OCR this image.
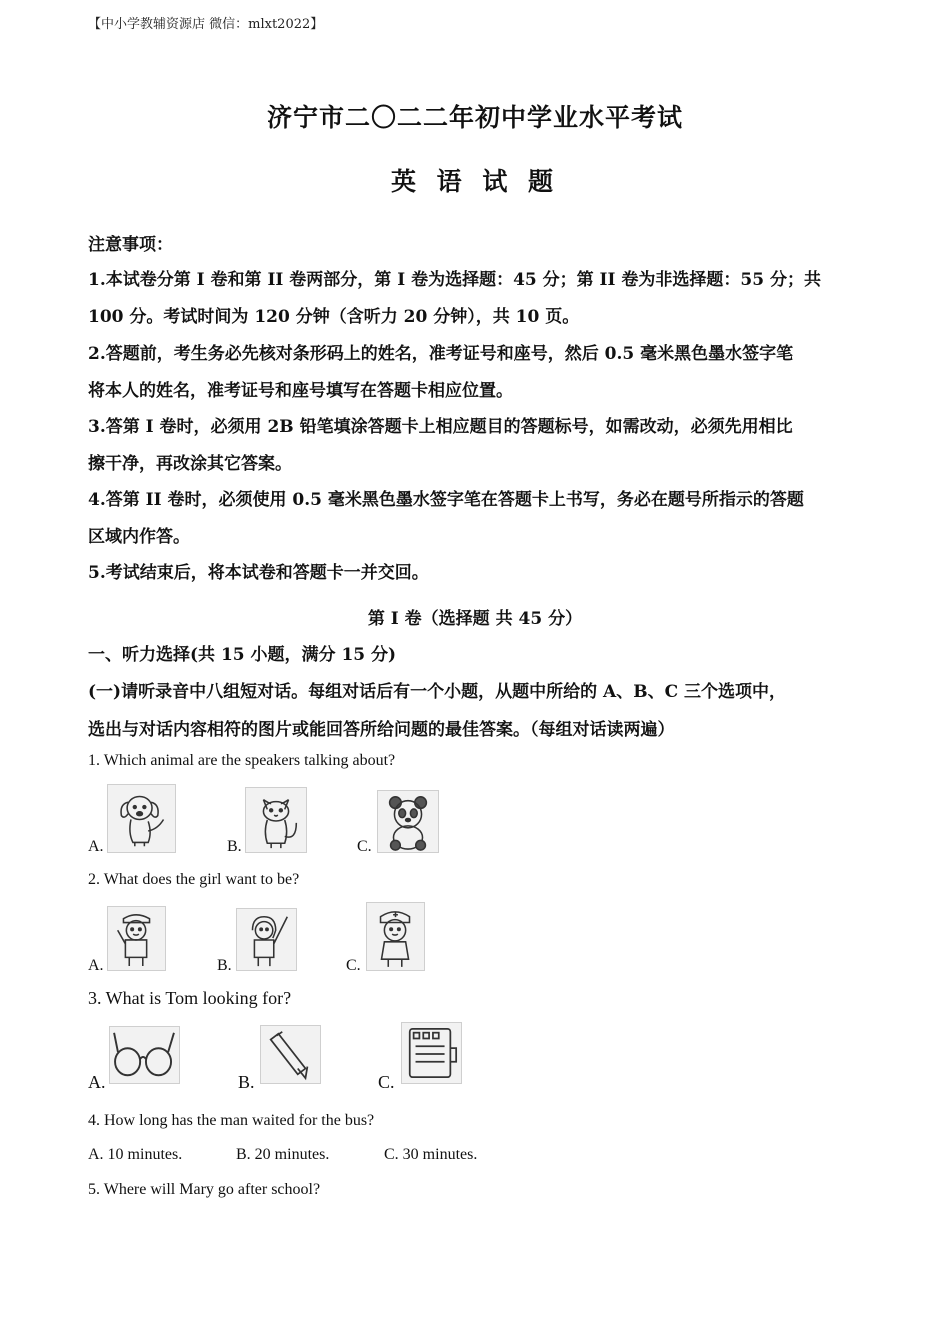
【中小学教辅资源店 微信：mlxt2022】
济宁市二〇二二年初中学业水平考试
英 语 试 题
注意事项：
1.本试卷分第 I 卷和第 II 卷两部分，第 I 卷为选择题：45 分；第 II 卷为非选择题：55 分；共
100 分。考试时间为 120 分钟（含听力 20 分钟），共 10 页。
2.答题前，考生务必先核对条形码上的姓名，准考证号和座号，然后 0.5 毫米黑色墨水签字笔
将本人的姓名，准考证号和座号填写在答题卡相应位置。
3.答第 I 卷时，必须用 2B 铅笔填涂答题卡上相应题目的答题标号，如需改动，必须先用相比
擦干净，再改涂其它答案。
4.答第 II 卷时，必须使用 0.5 毫米黑色墨水签字笔在答题卡上书写，务必在题号所指示的答题
区域内作答。
5.考试结束后，将本试卷和答题卡一并交回。
第 I 卷（选择题 共 45 分）
一、听力选择(共 15 小题，满分 15 分)
(一)请听录音中八组短对话。每组对话后有一个小题，从题中所给的 A、B、C 三个选项中，
选出与对话内容相符的图片或能回答所给问题的最佳答案。（每组对话读两遍）
1. Which animal are the speakers talking about?
A.	B.	C.
2. What does the girl want to be?
A.	B.	C.
3. What is Tom looking for?
A.	B.	C.
4. How long has the man waited for the bus?
A. 10 minutes.	B. 20 minutes.	C. 30 minutes.
5. Where will Mary go after school?
